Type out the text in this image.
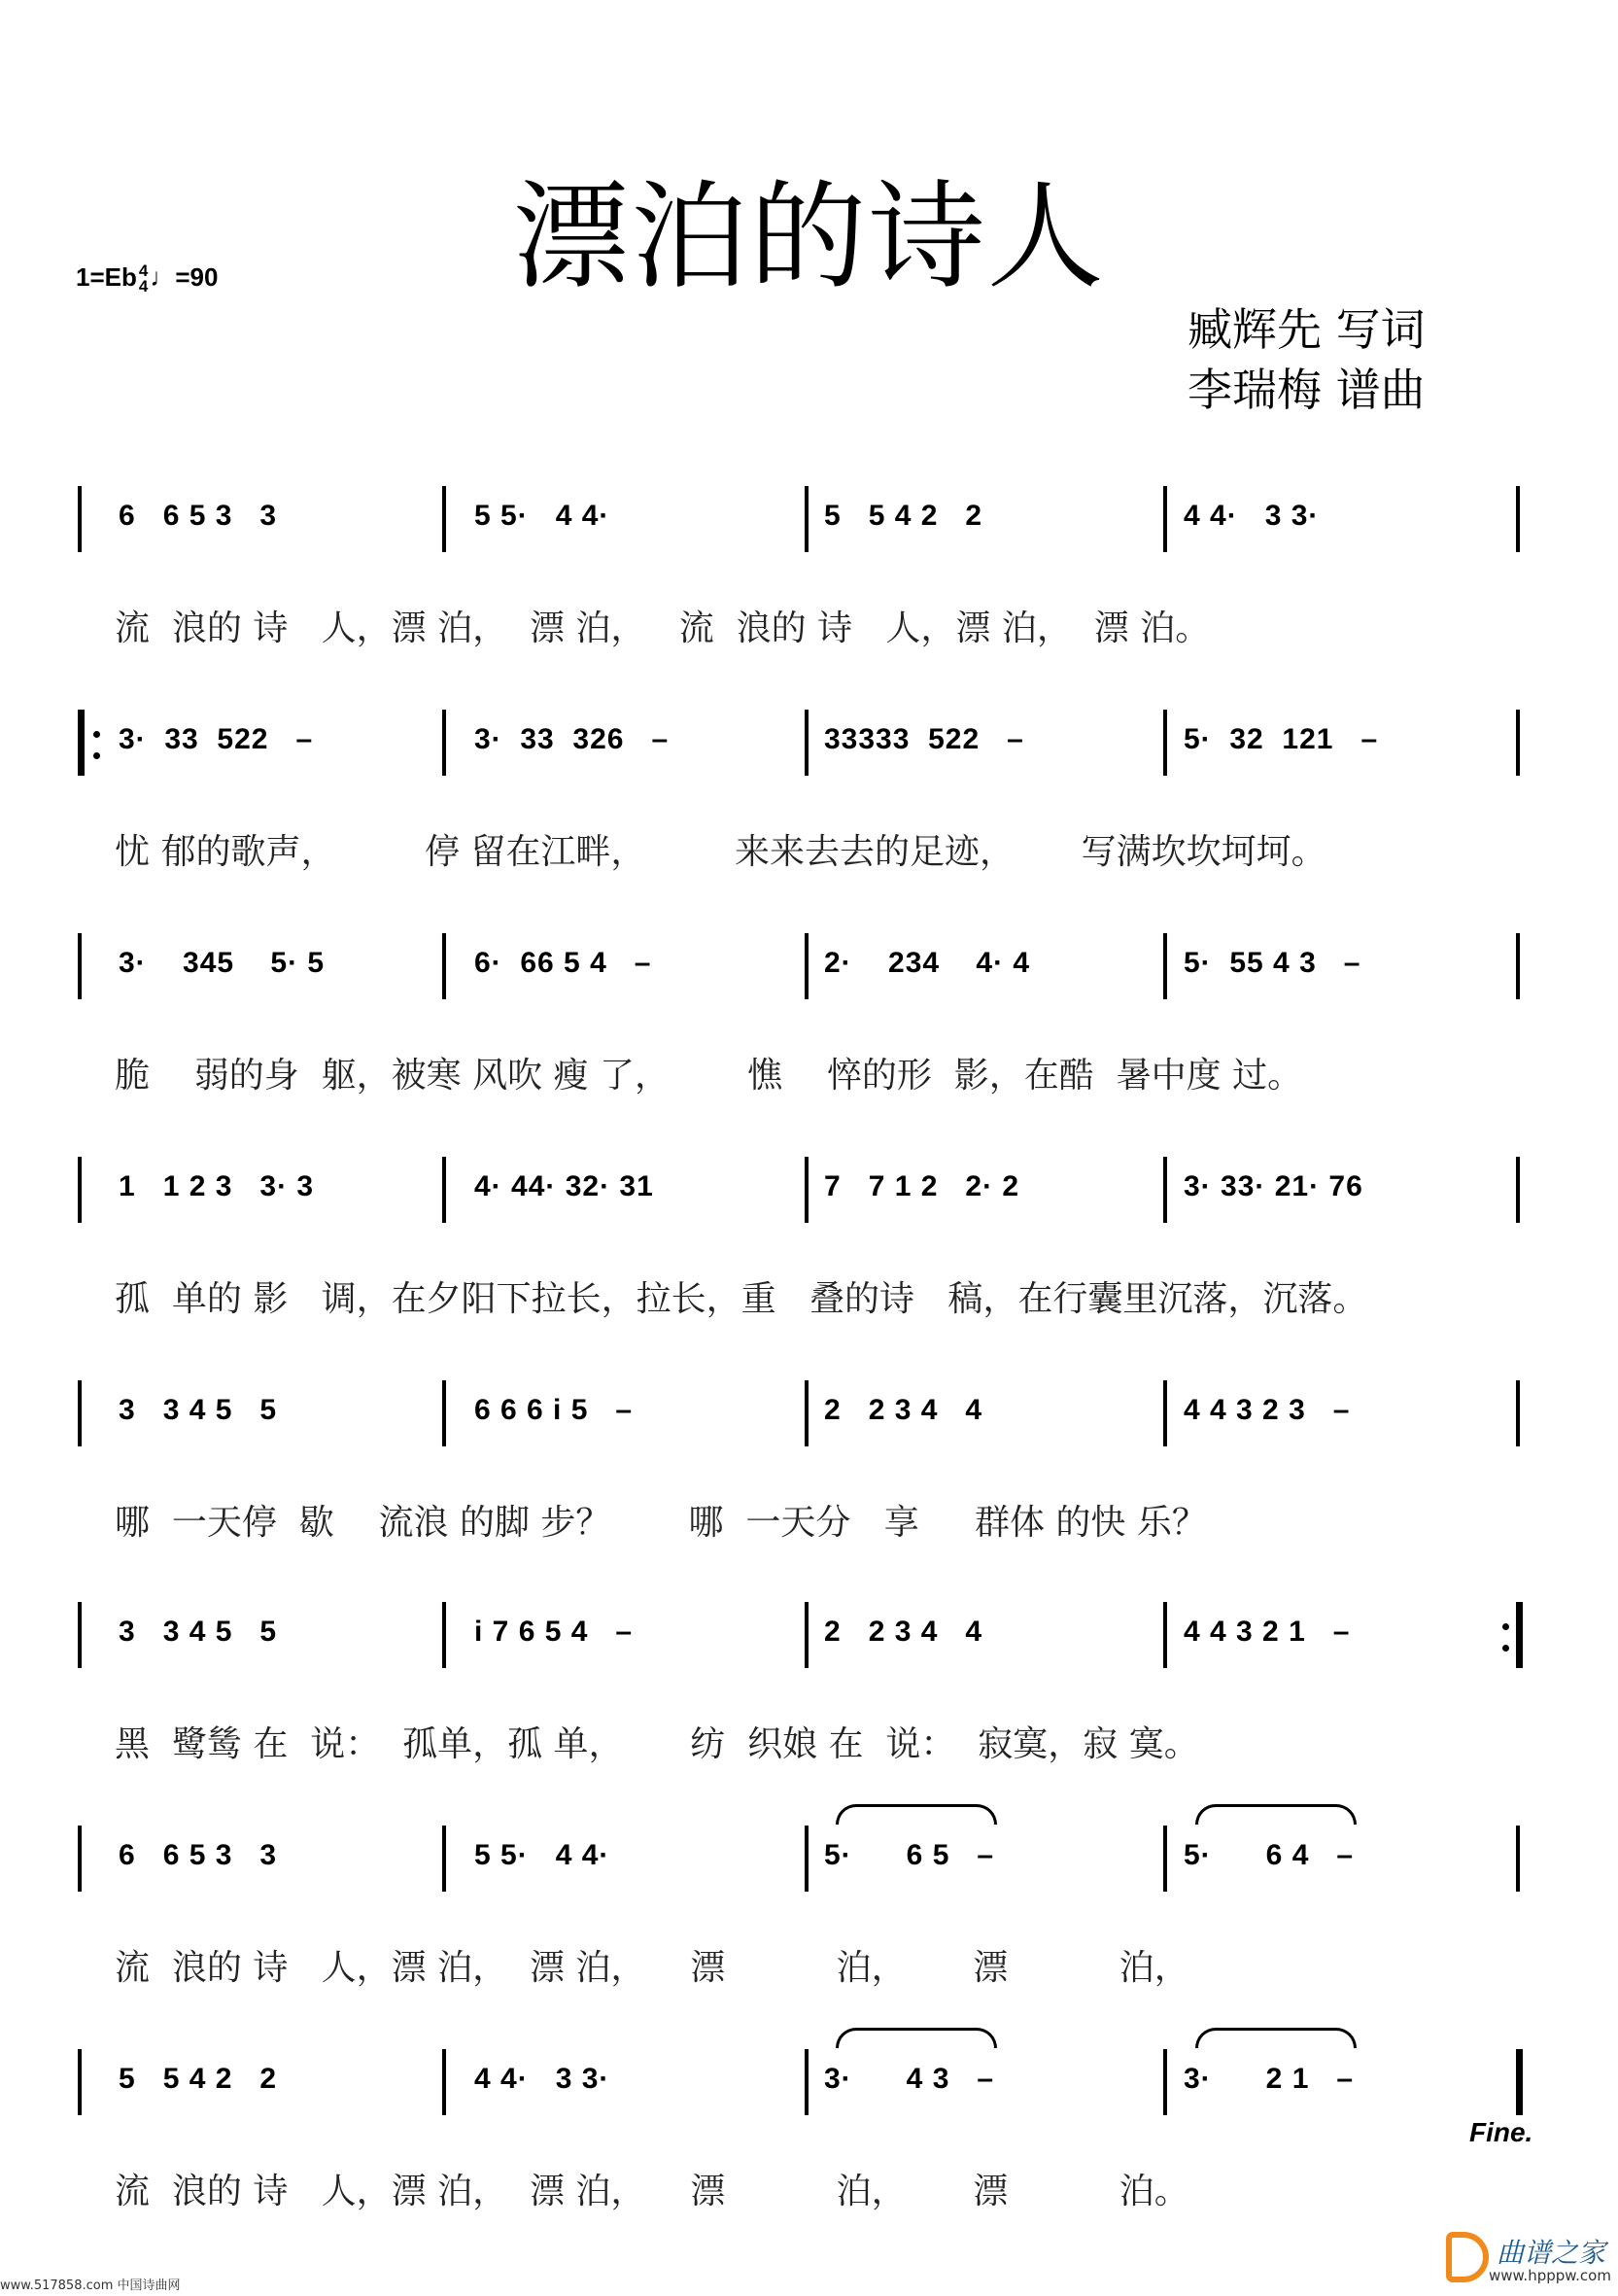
漂泊的诗人
1=Eb 4
4♩=90
臧辉先 写词
李瑞梅 谱曲
6   6 5 3   3	5 5·   4 4·	5   5 4 2   2	4 4·   3 3·
流  浪的 诗   人，漂 泊，  漂 泊，   流  浪的 诗   人，漂 泊，  漂 泊。
3·  33  522   –	3·  33  326   –	33333  522   –	5·  32  121   –
忧 郁的歌声，        停 留在江畔，        来来去去的足迹，      写满坎坎坷坷。
3·    345    5· 5	6·  66 5 4   –	2·    234    4· 4	5·  55 4 3   –
脆    弱的身  躯，被寒 风吹 瘦 了，       憔    悴的形  影，在酷  暑中度 过。
1   1 2 3   3· 3	4· 44· 32· 31	7   7 1 2   2· 2	3· 33· 21· 76
孤  单的 影   调，在夕阳下拉长，拉长，重   叠的诗   稿，在行囊里沉落，沉落。
3   3 4 5   5	6 6 6 i 5   –	2   2 3 4   4	4 4 3 2 3   –
哪  一天停  歇    流浪 的脚 步？       哪  一天分   享     群体 的快 乐？
3   3 4 5   5	i 7 6 5 4   –	2   2 3 4   4	4 4 3 2 1   –
黑  鹭鸶 在  说：  孤单，孤 单，      纺  织娘 在  说：  寂寞，寂 寞。
6   6 5 3   3	5 5·   4 4·	5·      6 5   –	5·      6 4   –
流  浪的 诗   人，漂 泊，  漂 泊，    漂          泊，      漂          泊，
5   5 4 2   2	4 4·   3 3·	3·      4 3   –	3·      2 1   –
流  浪的 诗   人，漂 泊，  漂 泊，    漂          泊，      漂          泊。
Fine.
www.517858.com 中国诗曲网
曲谱之家
www.hpppw.com
